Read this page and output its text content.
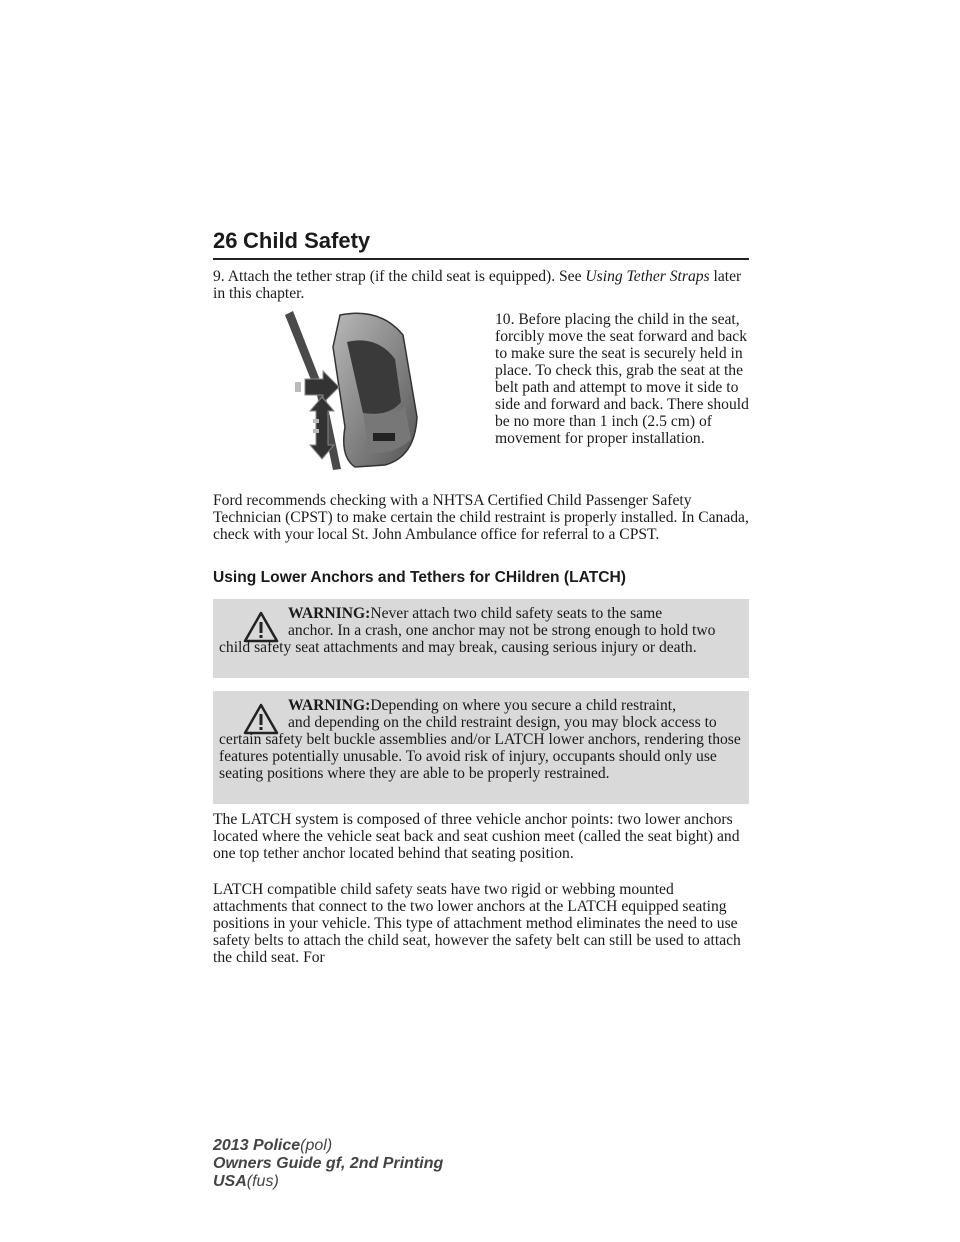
26 Child Safety

9. Attach the tether strap (if the child seat is equipped). See Using Tether Straps later in this chapter.

10. Before placing the child in the seat, forcibly move the seat forward and back to make sure the seat is securely held in place. To check this, grab the seat at the belt path and attempt to move it side to side and forward and back. There should be no more than 1 inch (2.5 cm) of movement for proper installation.

Ford recommends checking with a NHTSA Certified Child Passenger Safety Technician (CPST) to make certain the child restraint is properly installed. In Canada, check with your local St. John Ambulance office for referral to a CPST.

Using Lower Anchors and Tethers for CHildren (LATCH)
WARNING:Never attach two child safety seats to the same
anchor. In a crash, one anchor may not be strong enough to hold two child safety seat attachments and may break, causing serious injury or death.
WARNING:Depending on where you secure a child restraint,
and depending on the child restraint design, you may block access to certain safety belt buckle assemblies and/or LATCH lower anchors, rendering those features potentially unusable. To avoid risk of injury, occupants should only use seating positions where they are able to be properly restrained.

The LATCH system is composed of three vehicle anchor points: two lower anchors located where the vehicle seat back and seat cushion meet (called the seat bight) and one top tether anchor located behind that seating position.

LATCH compatible child safety seats have two rigid or webbing mounted attachments that connect to the two lower anchors at the LATCH equipped seating positions in your vehicle. This type of attachment method eliminates the need to use safety belts to attach the child seat, however the safety belt can still be used to attach the child seat. For

2013 Police(pol)
Owners Guide gf, 2nd Printing
USA(fus)
